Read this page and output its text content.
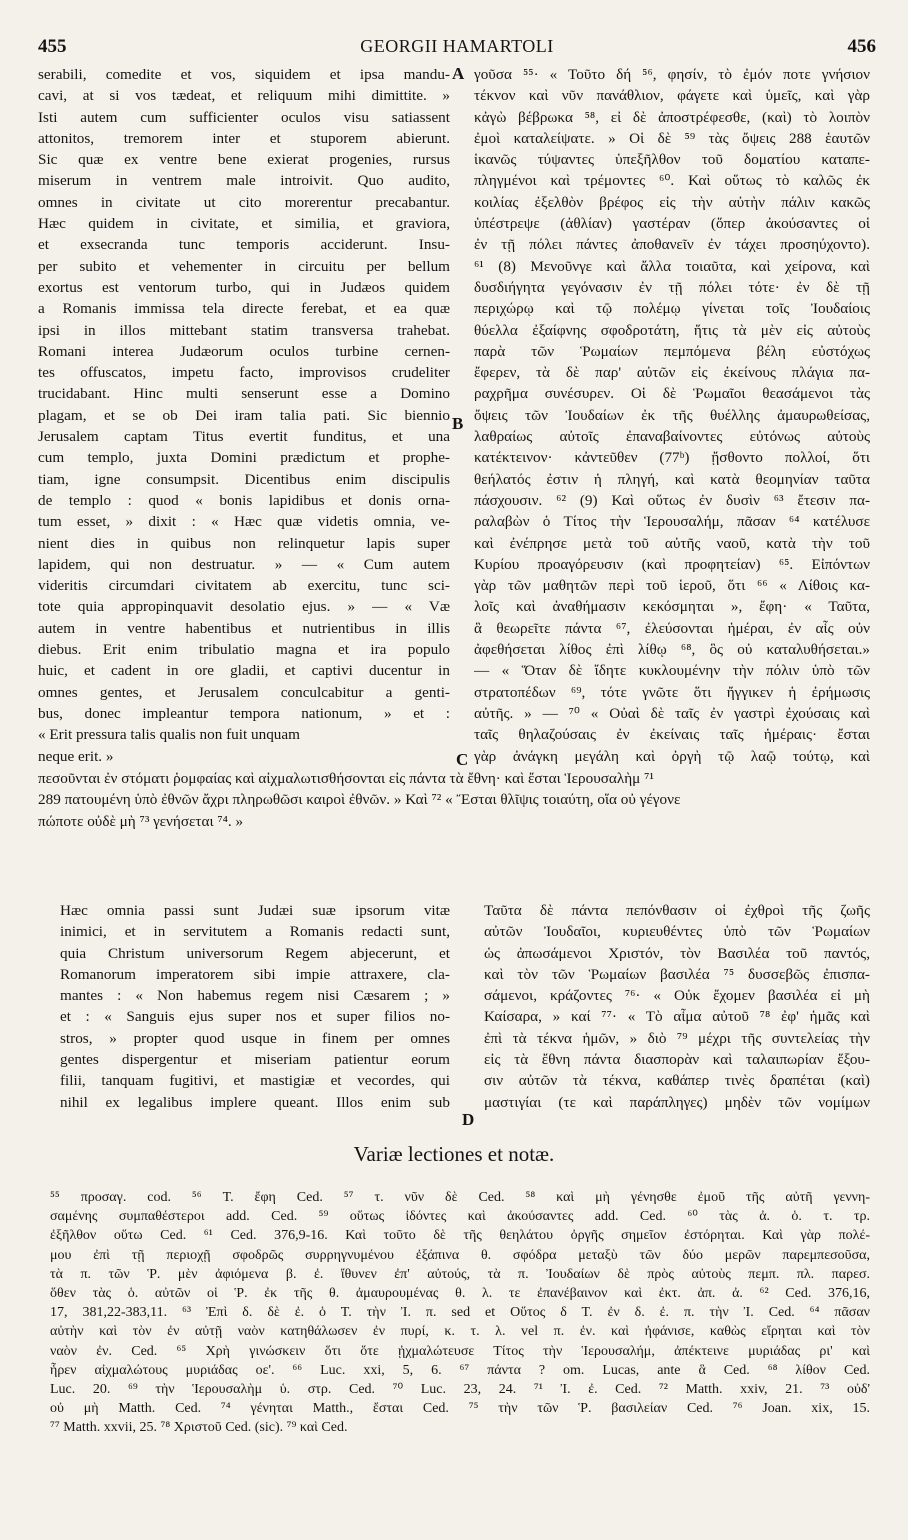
455	GEORGII HAMARTOLI	456
A
B
C
D
serabili, comedite et vos, siquidem et ipsa mandu-
cavi, at si vos tædeat, et reliquum mihi dimittite. »
Isti autem cum sufficienter oculos visu satiassent
attonitos, tremorem inter et stuporem abierunt.
Sic quæ ex ventre bene exierat progenies, rursus
miserum in ventrem male introivit. Quo audito,
omnes in civitate ut cito morerentur precabantur.
Hæc quidem in civitate, et similia, et graviora,
et exsecranda tunc temporis acciderunt. Insu-
per subito et vehementer in circuitu per bellum
exortus est ventorum turbo, qui in Judæos quidem
a Romanis immissa tela directe ferebat, et ea quæ
ipsi in illos mittebant statim transversa trahebat.
Romani interea Judæorum oculos turbine cernen-
tes offuscatos, impetu facto, improvisos crudeliter
trucidabant. Hinc multi senserunt esse a Domino
plagam, et se ob Dei iram talia pati. Sic biennio
Jerusalem captam Titus evertit funditus, et una
cum templo, juxta Domini prædictum et prophe-
tiam, igne consumpsit. Dicentibus enim discipulis
de templo : quod « bonis lapidibus et donis orna-
tum esset, » dixit : « Hæc quæ videtis omnia, ve-
nient dies in quibus non relinquetur lapis super
lapidem, qui non destruatur. » — « Cum autem
videritis circumdari civitatem ab exercitu, tunc sci-
tote quia appropinquavit desolatio ejus. » — « Væ
autem in ventre habentibus et nutrientibus in illis
diebus. Erit enim tribulatio magna et ira populo
huic, et cadent in ore gladii, et captivi ducentur in
omnes gentes, et Jerusalem conculcabitur a genti-
bus, donec impleantur tempora nationum, » et :
« Erit pressura talis qualis non fuit unquam
neque erit. »
γοῦσα ⁵⁵· « Τοῦτο δή ⁵⁶, φησίν, τὸ ἐμόν ποτε γνήσιον
τέκνον καὶ νῦν πανάθλιον, φάγετε καὶ ὑμεῖς, καὶ γὰρ
κἀγὼ βέβρωκα ⁵⁸, εἰ δὲ ἀποστρέφεσθε, (καὶ) τὸ λοιπὸν
ἐμοὶ καταλείψατε. » Οἱ δὲ ⁵⁹ τὰς ὄψεις 288 ἑαυτῶν
ἱκανῶς τύψαντες ὑπεξῆλθον τοῦ δοματίου καταπε-
πληγμένοι καὶ τρέμοντες ⁶⁰. Καὶ οὕτως τὸ καλῶς ἐκ
κοιλίας ἐξελθὸν βρέφος εἰς τὴν αὐτὴν πάλιν κακῶς
ὑπέστρεψε (ἀθλίαν) γαστέραν (ὅπερ ἀκούσαντες οἱ
ἐν τῇ πόλει πάντες ἀποθανεῖν ἐν τάχει προσηύχοντο).
⁶¹ (8) Μενοῦνγε καὶ ἄλλα τοιαῦτα, καὶ χείρονα, καὶ
δυσδιήγητα γεγόνασιν ἐν τῇ πόλει τότε· ἐν δὲ τῇ
περιχώρῳ καὶ τῷ πολέμῳ γίνεται τοῖς Ἰουδαίοις
θύελλα ἐξαίφνης σφοδροτάτη, ἥτις τὰ μὲν εἰς αὐτοὺς
παρὰ τῶν Ῥωμαίων πεμπόμενα βέλη εὐστόχως
ἔφερεν, τὰ δὲ παρ' αὐτῶν εἰς ἐκείνους πλάγια πα-
ραχρῆμα συνέσυρεν. Οἱ δὲ Ῥωμαῖοι θεασάμενοι τὰς
ὄψεις τῶν Ἰουδαίων ἐκ τῆς θυέλλης ἀμαυρωθείσας,
λαθραίως αὐτοῖς ἐπαναβαίνοντες εὐτόνως αὐτοὺς
κατέκτεινον· κἀντεῦθεν (77ᵇ) ᾔσθοντο πολλοί, ὅτι
θεήλατός ἐστιν ἡ πληγή, καὶ κατὰ θεομηνίαν ταῦτα
πάσχουσιν. ⁶² (9) Καὶ οὕτως ἐν δυσὶν ⁶³ ἔτεσιν πα-
ραλαβὼν ὁ Τίτος τὴν Ἱερουσαλήμ, πᾶσαν ⁶⁴ κατέλυσε
καὶ ἐνέπρησε μετὰ τοῦ αὐτῆς ναοῦ, κατὰ τὴν τοῦ
Κυρίου προαγόρευσιν (καὶ προφητείαν) ⁶⁵. Εἰπόντων
γὰρ τῶν μαθητῶν περὶ τοῦ ἱεροῦ, ὅτι ⁶⁶ « Λίθοις κα-
λοῖς καὶ ἀναθήμασιν κεκόσμηται », ἔφη· « Ταῦτα,
ἃ θεωρεῖτε πάντα ⁶⁷, ἐλεύσονται ἡμέραι, ἐν αἷς οὐν
ἀφεθήσεται λίθος ἐπὶ λίθῳ ⁶⁸, ὃς οὐ καταλυθήσεται.»
— « Ὅταν δὲ ἴδητε κυκλουμένην τὴν πόλιν ὑπὸ τῶν
στρατοπέδων ⁶⁹, τότε γνῶτε ὅτι ἤγγικεν ἡ ἐρήμωσις
αὐτῆς. » — ⁷⁰ « Οὐαὶ δὲ ταῖς ἐν γαστρὶ ἐχούσαις καὶ
ταῖς θηλαζούσαις ἐν ἐκείναις ταῖς ἡμέραις· ἔσται
γὰρ ἀνάγκη μεγάλη καὶ ὀργὴ τῷ λαῷ τούτῳ, καὶ
πεσοῦνται ἐν στόματι ῥομφαίας καὶ αἰχμαλωτισθήσονται εἰς πάντα τὰ ἔθνη· καὶ ἔσται Ἱερουσαλὴμ ⁷¹
289 πατουμένη ὑπὸ ἐθνῶν ἄχρι πληρωθῶσι καιροὶ ἐθνῶν. » Καὶ ⁷² « Ἔσται θλῖψις τοιαύτη, οἵα οὐ γέγονε
πώποτε οὐδὲ μὴ ⁷³ γενήσεται ⁷⁴. »
Hæc omnia passi sunt Judæi suæ ipsorum vitæ
inimici, et in servitutem a Romanis redacti sunt,
quia Christum universorum Regem abjecerunt, et
Romanorum imperatorem sibi impie attraxere, cla-
mantes : « Non habemus regem nisi Cæsarem ; »
et : « Sanguis ejus super nos et super filios no-
stros, » propter quod usque in finem per omnes
gentes dispergentur et miseriam patientur eorum
filii, tanquam fugitivi, et mastigiæ et vecordes, qui
nihil ex legalibus implere queant. Illos enim sub
Ταῦτα δὲ πάντα πεπόνθασιν οἱ ἐχθροὶ τῆς ζωῆς
αὐτῶν Ἰουδαῖοι, κυριευθέντες ὑπὸ τῶν Ῥωμαίων
ὡς ἀπωσάμενοι Χριστόν, τὸν Βασιλέα τοῦ παντός,
καὶ τὸν τῶν Ῥωμαίων βασιλέα ⁷⁵ δυσσεβῶς ἐπισπα-
σάμενοι, κράζοντες ⁷⁶· « Οὐκ ἔχομεν βασιλέα εἰ μὴ
Καίσαρα, » καί ⁷⁷· « Τὸ αἷμα αὐτοῦ ⁷⁸ ἐφ' ἡμᾶς καὶ
ἐπὶ τὰ τέκνα ἡμῶν, » διὸ ⁷⁹ μέχρι τῆς συντελείας τὴν
εἰς τὰ ἔθνη πάντα διασπορὰν καὶ ταλαιπωρίαν ἕξου-
σιν αὐτῶν τὰ τέκνα, καθάπερ τινὲς δραπέται (καὶ)
μαστιγίαι (τε καὶ παράπληγες) μηδὲν τῶν νομίμων
Variæ lectiones et notæ.
⁵⁵ προσαγ. cod. ⁵⁶ Τ. ἔφη Ced. ⁵⁷ τ. νῦν δὲ Ced. ⁵⁸ καὶ μὴ γένησθε ἐμοῦ τῆς αὐτῆ γεννη-
σαμένης συμπαθέστεροι add. Ced. ⁵⁹ οὕτως ἰδόντες καὶ ἀκούσαντες add. Ced. ⁶⁰ τὰς ἀ. ὁ. τ. τρ.
ἐξῆλθον οὕτω Ced. ⁶¹ Ced. 376,9-16. Καὶ τοῦτο δὲ τῆς θεηλάτου ὀργῆς σημεῖον ἐστόρηται. Καὶ γὰρ πολέ-
μου ἐπὶ τῇ περιοχῇ σφοδρῶς συρρηγνυμένου ἐξάπινα θ. σφόδρα μεταξὺ τῶν δύο μερῶν παρεμπεσοῦσα,
τὰ π. τῶν Ῥ. μὲν ἀφιόμενα β. ἐ. ἴθυνεν ἐπ' αὐτούς, τὰ π. Ἰουδαίων δὲ πρὸς αὐτοὺς πεμπ. πλ. παρεσ.
ὅθεν τὰς ὁ. αὐτῶν οἱ Ῥ. ἐκ τῆς θ. ἀμαυρουμένας θ. λ. τε ἐπανέβαινον καὶ ἐκτ. ἀπ. ἀ. ⁶² Ced. 376,16,
17, 381,22-383,11. ⁶³ Ἐπὶ δ. δὲ ἐ. ὁ Τ. τὴν Ἰ. π. sed et Οὕτος δ Τ. ἐν δ. ἐ. π. τὴν Ἰ. Ced. ⁶⁴ πᾶσαν
αὐτὴν καὶ τὸν ἐν αὐτῇ ναὸν κατηθάλωσεν ἐν πυρί, κ. τ. λ. vel π. ἐν. καὶ ἠφάνισε, καθὼς εἴρηται καὶ τὸν
ναὸν ἐν. Ced. ⁶⁵ Χρὴ γινώσκειν ὅτι ὅτε ᾐχμαλώτευσε Τίτος τὴν Ἱερουσαλήμ, ἀπέκτεινε μυριάδας ρι' καὶ
ἦρεν αἰχμαλώτους μυριάδας οε'. ⁶⁶ Luc. xxi, 5, 6. ⁶⁷ πάντα ? om. Lucas, ante ἃ Ced. ⁶⁸ λίθον Ced.
Luc. 20. ⁶⁹ τὴν Ἱερουσαλὴμ ὑ. στρ. Ced. ⁷⁰ Luc. 23, 24. ⁷¹ Ἰ. ἐ. Ced. ⁷² Matth. xxiv, 21. ⁷³ οὐδ'
οὐ μὴ Matth. Ced. ⁷⁴ γένηται Matth., ἔσται Ced. ⁷⁵ τὴν τῶν Ῥ. βασιλείαν Ced. ⁷⁶ Joan. xix, 15.
⁷⁷ Matth. xxvii, 25. ⁷⁸ Χριστοῦ Ced. (sic). ⁷⁹ καὶ Ced.
